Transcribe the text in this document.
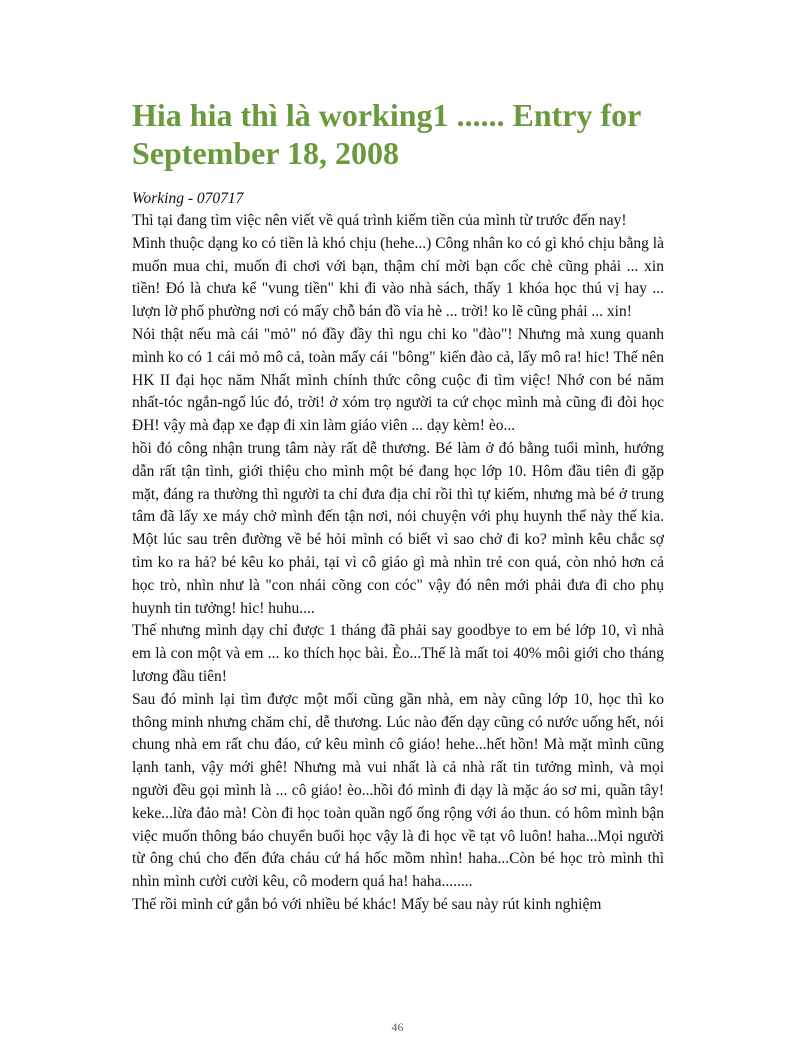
Hia hia thì là working1 ...... Entry for September 18, 2008
Working - 070717

Thì tại đang tìm việc nên viết về quá trình kiếm tiền của mình từ trước đến nay!

Mình thuộc dạng ko có tiền là khó chịu (hehe...) Công nhân ko có gì khó chịu bằng là muốn mua chi, muốn đi chơi với bạn, thậm chí mời bạn cốc chè cũng phải ... xin tiền! Đó là chưa kể "vung tiền" khi đi vào nhà sách, thấy 1 khóa học thú vị hay ... lượn lờ phố phường nơi có mấy chỗ bán đồ vỉa hè ... trời! ko lẽ cũng phải ... xin!

Nói thật nếu mà cái "mỏ" nó đầy đầy thì ngu chi ko "đào"! Nhưng mà xung quanh mình ko có 1 cái mỏ mô cả, toàn mấy cái "bông" kiến đào cả, lấy mô ra! hic! Thế nên HK II đại học năm Nhất mình chính thức công cuộc đi tìm việc! Nhớ con bé năm nhất-tóc ngắn-ngố lúc đó, trời! ở xóm trọ người ta cứ chọc mình mà cũng đi đòi học ĐH! vậy mà đạp xe đạp đi xin làm giáo viên ... dạy kèm! èo...

hồi đó công nhận trung tâm này rất dễ thương. Bé làm ở đó bằng tuổi mình, hướng dẫn rất tận tình, giới thiệu cho mình một bé đang học lớp 10. Hôm đầu tiên đi gặp mặt, đáng ra thường thì người ta chỉ đưa địa chỉ rồi thì tự kiếm, nhưng mà bé ở trung tâm đã lấy xe máy chở mình đến tận nơi, nói chuyện với phụ huynh thế này thế kia. Một lúc sau trên đường về bé hỏi mình có biết vì sao chở đi ko? mình kêu chắc sợ tìm ko ra hả? bé kêu ko phải, tại vì cô giáo gì mà nhìn trẻ con quá, còn nhỏ hơn cả học trò, nhìn như là "con nhái cõng con cóc" vậy đó nên mới phải đưa đi cho phụ huynh tin tưởng! hic! huhu....

Thế nhưng mình dạy chỉ được 1 tháng đã phải say goodbye to em bé lớp 10, vì nhà em là con một và em ... ko thích học bài. Èo...Thế là mất toi 40% môi giới cho tháng lương đầu tiên!

Sau đó mình lại tìm được một mối cũng gần nhà, em này cũng lớp 10, học thì ko thông minh nhưng chăm chỉ, dễ thương. Lúc nào đến dạy cũng có nước uống hết, nói chung nhà em rất chu đáo, cứ kêu mình cô giáo! hehe...hết hồn! Mà mặt mình cũng lạnh tanh, vậy mới ghê! Nhưng mà vui nhất là cả nhà rất tin tưởng mình, và mọi người đều gọi mình là ... cô giáo! èo...hồi đó mình đi dạy là mặc áo sơ mi, quần tây! keke...lừa đảo mà! Còn đi học toàn quần ngố ống rộng với áo thun. có hôm mình bận việc muốn thông báo chuyển buổi học vậy là đi học về tạt vô luôn! haha...Mọi người từ ông chú cho đến đứa cháu cứ há hốc mồm nhìn! haha...Còn bé học trò mình thì nhìn mình cười cười kêu, cô modern quá ha! haha........

Thế rồi mình cứ gắn bó với nhiều bé khác! Mấy bé sau này rút kinh nghiệm

46
